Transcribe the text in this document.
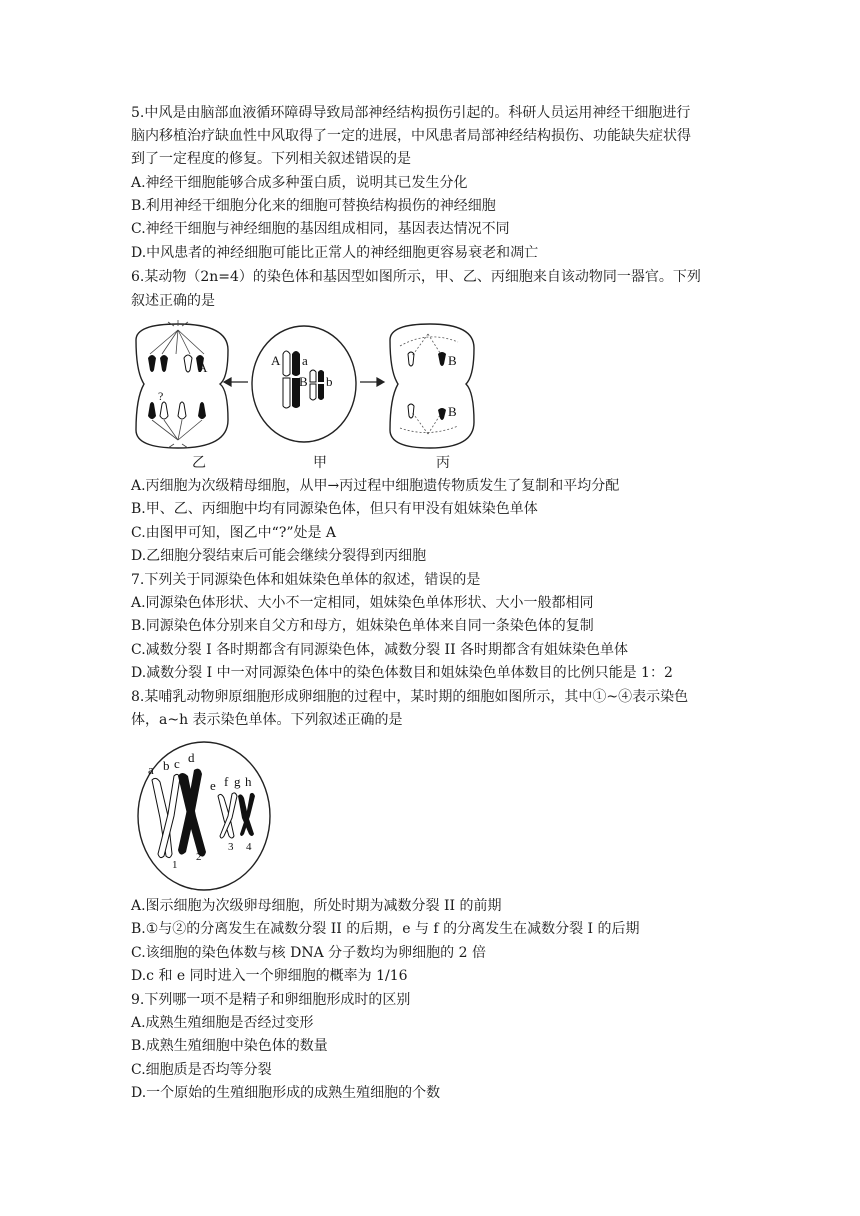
5.中风是由脑部血液循环障碍导致局部神经结构损伤引起的。科研人员运用神经干细胞进行
脑内移植治疗缺血性中风取得了一定的进展，中风患者局部神经结构损伤、功能缺失症状得
到了一定程度的修复。下列相关叙述错误的是
A.神经干细胞能够合成多种蛋白质，说明其已发生分化
B.利用神经干细胞分化来的细胞可替换结构损伤的神经细胞
C.神经干细胞与神经细胞的基因组成相同，基因表达情况不同
D.中风患者的神经细胞可能比正常人的神经细胞更容易衰老和凋亡
6.某动物（2n=4）的染色体和基因型如图所示，甲、乙、丙细胞来自该动物同一器官。下列
叙述正确的是
A
?
A a
B b
B
B
乙	甲	丙
A.丙细胞为次级精母细胞，从甲→丙过程中细胞遗传物质发生了复制和平均分配
B.甲、乙、丙细胞中均有同源染色体，但只有甲没有姐妹染色单体
C.由图甲可知，图乙中“?”处是 A
D.乙细胞分裂结束后可能会继续分裂得到丙细胞
7.下列关于同源染色体和姐妹染色单体的叙述，错误的是
A.同源染色体形状、大小不一定相同，姐妹染色单体形状、大小一般都相同
B.同源染色体分别来自父方和母方，姐妹染色单体来自同一条染色体的复制
C.减数分裂 I 各时期都含有同源染色体，减数分裂 II 各时期都含有姐妹染色单体
D.减数分裂 I 中一对同源染色体中的染色体数目和姐妹染色单体数目的比例只能是 1：2
8.某哺乳动物卵原细胞形成卵细胞的过程中，某时期的细胞如图所示，其中①~④表示染色
体，a~h 表示染色单体。下列叙述正确的是
a b c d
e f g h
1
2
3 4
A.图示细胞为次级卵母细胞，所处时期为减数分裂 II 的前期
B.①与②的分离发生在减数分裂 II 的后期，e 与 f 的分离发生在减数分裂 I 的后期
C.该细胞的染色体数与核 DNA 分子数均为卵细胞的 2 倍
D.c 和 e 同时进入一个卵细胞的概率为 1/16
9.下列哪一项不是精子和卵细胞形成时的区别
A.成熟生殖细胞是否经过变形
B.成熟生殖细胞中染色体的数量
C.细胞质是否均等分裂
D.一个原始的生殖细胞形成的成熟生殖细胞的个数
